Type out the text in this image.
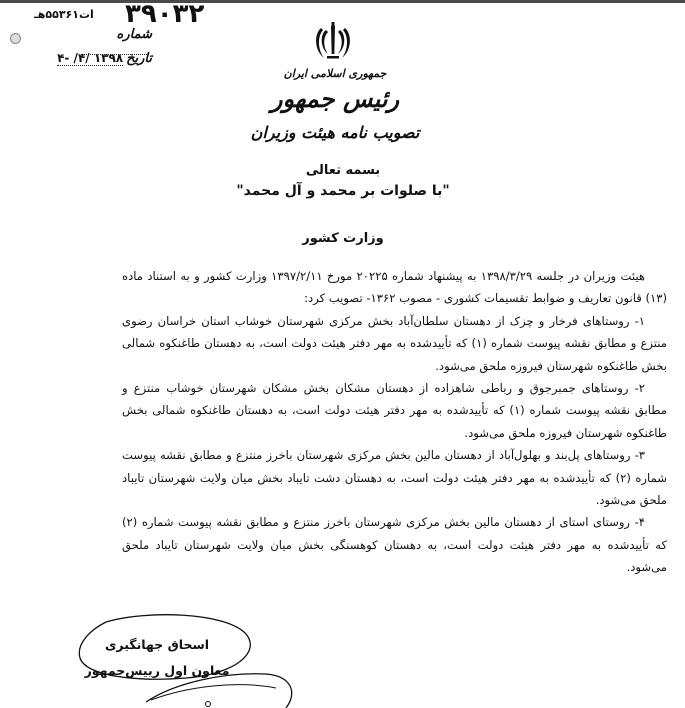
۳۹۰۳۲
ات۵۵۳۶۱هـ
شماره
تاریخ۱۳۹۸ /۴/ -۴
جمهوری اسلامی ایران
رئیس جمهور
تصویب نامه هیئت وزیران
بسمه تعالی
"با صلوات بر محمد و آل محمد"
وزارت کشور

هیئت وزیران در جلسه ۱۳۹۸/۳/۲۹ به پیشنهاد شماره ۲۰۲۲۵ مورخ ۱۳۹۷/۲/۱۱ وزارت کشور و به استناد ماده (۱۳) قانون تعاریف و ضوابط تقسیمات کشوری - مصوب ۱۳۶۲- تصویب کرد:

۱- روستاهای فرخار و چزک از دهستان سلطان‌آباد بخش مرکزی شهرستان خوشاب استان خراسان رضوی منتزع و مطابق نقشه پیوست شماره (۱) که تأییدشده به مهر دفتر هیئت دولت است، به دهستان طاغنکوه شمالی بخش طاغنکوه شهرستان فیروزه ملحق می‌شود.

۲- روستاهای جمبرجوق و رباطی شاهزاده از دهستان مشکان بخش مشکان شهرستان خوشاب منتزع و مطابق نقشه پیوست شماره (۱) که تأییدشده به مهر دفتر هیئت دولت است، به دهستان طاغنکوه شمالی بخش طاغنکوه شهرستان فیروزه ملحق می‌شود.

۳- روستاهای پل‌بند و بهلول‌آباد از دهستان مالین بخش مرکزی شهرستان باخرز منتزع و مطابق نقشه پیوست شماره (۲) که تأییدشده به مهر دفتر هیئت دولت است، به دهستان دشت تایباد بخش میان ولایت شهرستان تایباد ملحق می‌شود.

۴- روستای استای از دهستان مالین بخش مرکزی شهرستان باخرز منتزع و مطابق نقشه پیوست شماره (۲) که تأییدشده به مهر دفتر هیئت دولت است، به دهستان کوهسنگی بخش میان ولایت شهرستان تایباد ملحق می‌شود.

اسحاق جهانگیری
معاون اول رییس‌جمهور
